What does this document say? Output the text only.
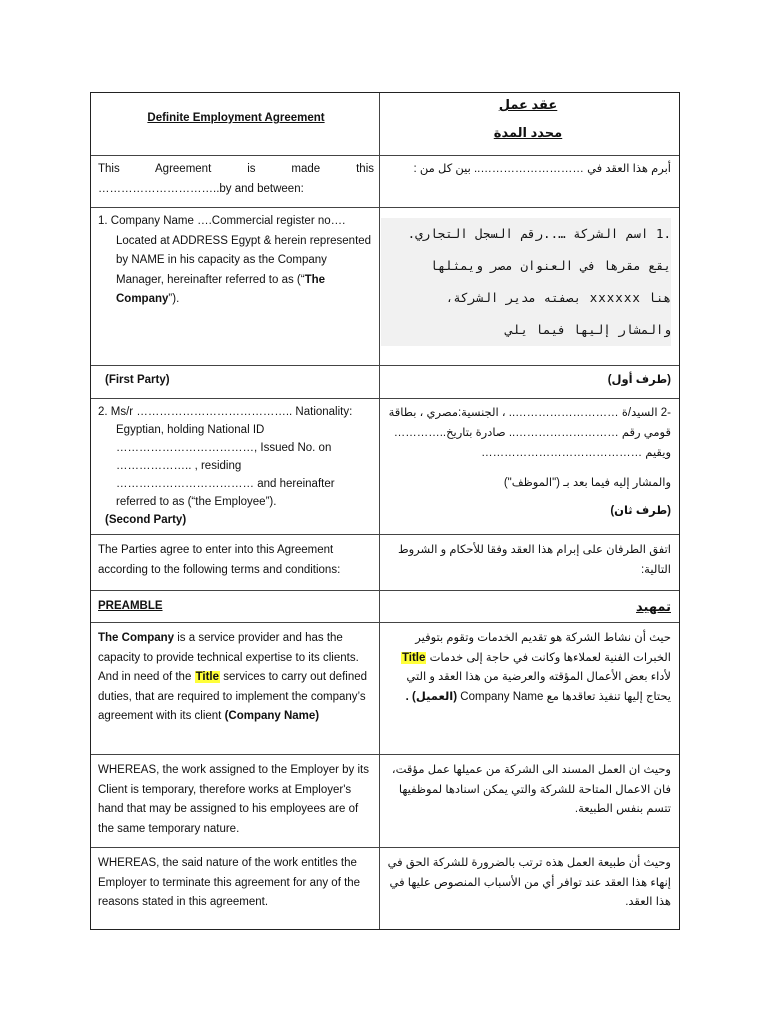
Definite Employment Agreement
عقد عمل
محدد المدة
This Agreement is made this
…………………………..by and between:
أبرم هذا العقد في ……………………….. بين كل من :
1. Company Name ….Commercial register no…. Located at ADDRESS Egypt & herein represented by NAME in his capacity as the Company Manager, hereinafter referred to as (“The Company”).
.1 اسم الشركة …..رقم السجل التجاري.
يقع مقرها في العنوان مصر ويمثلها
هنا xxxxxx بصفته مدير الشركة،
والمشار إليها فيما يلي
(First Party)	(طرف أول)
2. Ms/r ………………………………….. Nationality: Egyptian, holding National ID ………………………………, Issued No. on ……………….. , residing ……………………………… and hereinafter referred to as (“the Employee”).
(Second Party)
-2 السيد/ة ……………………….. ، الجنسية:مصري ، بطاقة
قومي رقم ……………………….. صادرة بتاريخ..…………
ويقيم ……………………………………
والمشار إليه فيما بعد بـ ("الموظف")
(طرف ثان)
The Parties agree to enter into this Agreement according to the following terms and conditions:
اتفق الطرفان على إبرام هذا العقد وفقا للأحكام و الشروط التالية:
PREAMBLE	تمهيد
The Company is a service provider and has the capacity to provide technical expertise to its clients. And in need of the Title services to carry out defined duties, that are required to implement the company’s agreement with its client (Company Name)
حيث أن نشاط الشركة هو تقديم الخدمات وتقوم بتوفير الخبرات الفنية لعملاءها وكانت في حاجة إلى خدمات Title لأداء بعض الأعمال المؤقته والعرضية من هذا العقد و التي يحتاج إليها تنفيذ تعاقدها مع Company Name (العميل) .
WHEREAS, the work assigned to the Employer by its Client is temporary, therefore works at Employer's hand that may be assigned to his employees are of the same temporary nature.
وحيث ان العمل المسند الى الشركة من عميلها عمل مؤقت، فان الاعمال المتاحة للشركة والتي يمكن اسنادها لموظفيها تتسم بنفس الطبيعة.
WHEREAS, the said nature of the work entitles the Employer to terminate this agreement for any of the reasons stated in this agreement.
وحيث أن طبيعة العمل هذه ترتب بالضرورة للشركة الحق في إنهاء هذا العقد عند توافر أي من الأسباب المنصوص عليها في هذا العقد.
